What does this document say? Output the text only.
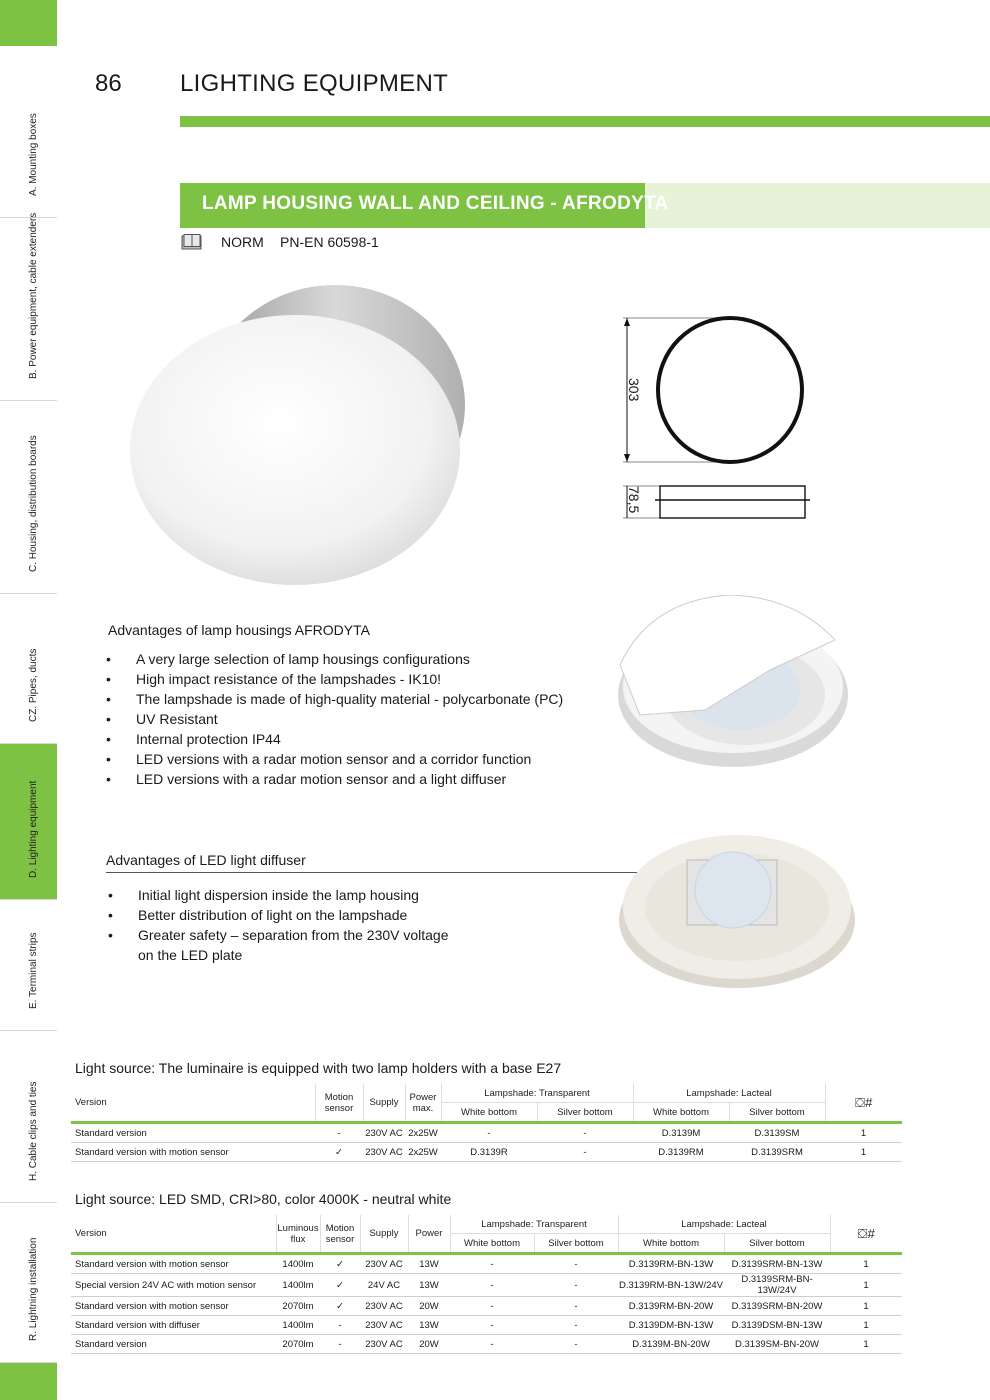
A. Mounting boxes
B. Power equipment, cable extenders
C. Housing, distribution boards
CZ. Pipes, ducts
D. Lighting equipment
E. Terminal strips
H. Cable clips and ties
R. Lightning installation
86 LIGHTING EQUIPMENT
LAMP HOUSING WALL AND CEILING - AFRODYTA
NORM PN-EN 60598-1
303
78,5
Advantages of lamp housings AFRODYTA
• A very large selection of lamp housings configurations
• High impact resistance of the lampshades - IK10!
• The lampshade is made of high-quality material - polycarbonate (PC)
• UV Resistant
• Internal protection IP44
• LED versions with a radar motion sensor and a corridor function
• LED versions with a radar motion sensor and a light diffuser
Advantages of LED light diffuser
• Initial light dispersion inside the lamp housing
• Better distribution of light on the lampshade
• Greater safety – separation from the 230V voltage
on the LED plate
Light source: The luminaire is equipped with two lamp holders with a base E27
Version	Motion sensor	Supply	Power max.	Lampshade: Transparent		Lampshade: Lacteal		⛋#
				White bottom	Silver bottom	White bottom	Silver bottom	

Standard version	-	230V AC	2x25W	-	-	D.3139M	D.3139SM	1
Standard version with motion sensor	✓	230V AC	2x25W	D.3139R	-	D.3139RM	D.3139SRM	1
Light source: LED SMD, CRI>80, color 4000K - neutral white
Version	Luminous flux	Motion sensor	Supply	Power	Lampshade: Transparent		Lampshade: Lacteal		⛋#
					White bottom	Silver bottom	White bottom	Silver bottom	

Standard version with motion sensor	1400lm	✓	230V AC	13W	-	-	D.3139RM-BN-13W	D.3139SRM-BN-13W	1
Special version 24V AC with motion sensor	1400lm	✓	24V AC	13W	-	-	D.3139RM-BN-13W/24V	D.3139SRM-BN-13W/24V	1
Standard version with motion sensor	2070lm	✓	230V AC	20W	-	-	D.3139RM-BN-20W	D.3139SRM-BN-20W	1
Standard version with diffuser	1400lm	-	230V AC	13W	-	-	D.3139DM-BN-13W	D.3139DSM-BN-13W	1
Standard version	2070lm	-	230V AC	20W	-	-	D.3139M-BN-20W	D.3139SM-BN-20W	1
